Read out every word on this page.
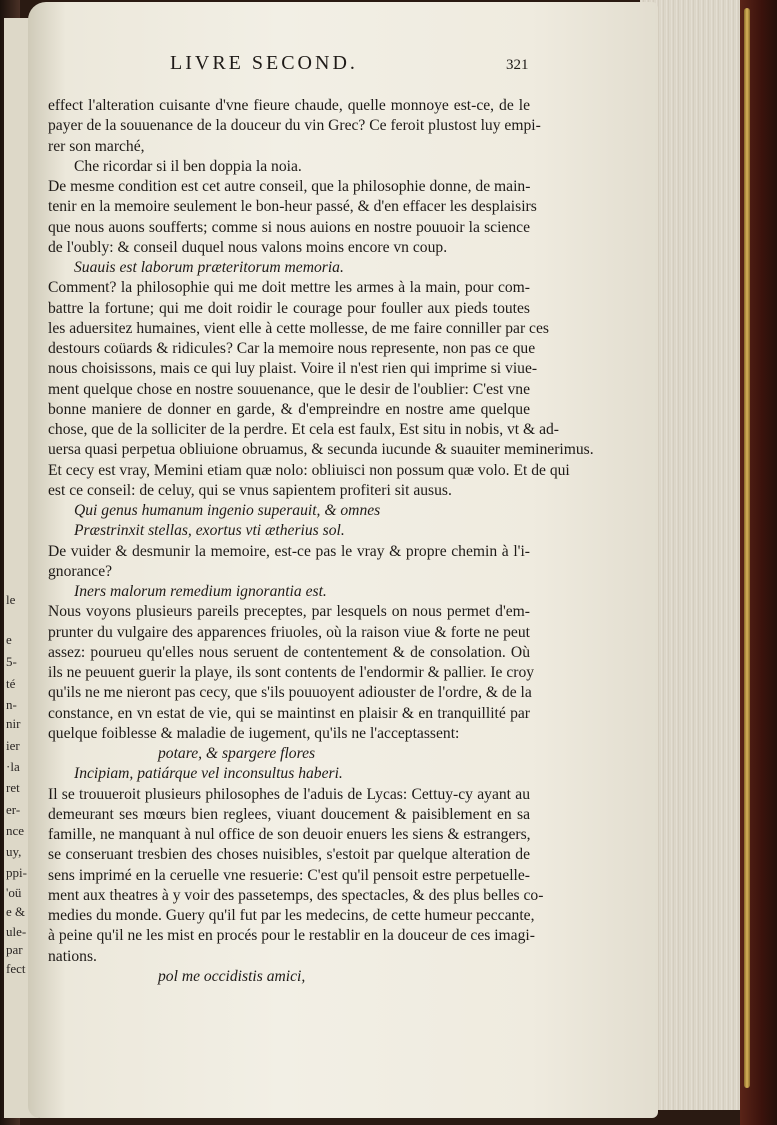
le
e
5-
té
n-
nir
ier
·la
ret
er-
nce
uy,
ppi-
'oü
e &
ule-
par
fect
LIVRE SECOND.	321
effect l'alteration cuisante d'vne fieure chaude, quelle monnoye est-ce, de le
payer de la souuenance de la douceur du vin Grec? Ce feroit plustost luy empi-
rer son marché,
Che ricordar si il ben doppia la noia.
De mesme condition est cet autre conseil, que la philosophie donne, de main-
tenir en la memoire seulement le bon-heur passé, & d'en effacer les desplaisirs
que nous auons soufferts; comme si nous auions en nostre pouuoir la science
de l'oubly: & conseil duquel nous valons moins encore vn coup.
Suauis est laborum præteritorum memoria.
Comment? la philosophie qui me doit mettre les armes à la main, pour com-
battre la fortune; qui me doit roidir le courage pour fouller aux pieds toutes
les aduersitez humaines, vient elle à cette mollesse, de me faire conniller par ces
destours coüards & ridicules? Car la memoire nous represente, non pas ce que
nous choisissons, mais ce qui luy plaist. Voire il n'est rien qui imprime si viue-
ment quelque chose en nostre souuenance, que le desir de l'oublier: C'est vne
bonne maniere de donner en garde, & d'empreindre en nostre ame quelque
chose, que de la solliciter de la perdre. Et cela est faulx, Est situ in nobis, vt & ad-
uersa quasi perpetua obliuione obruamus, & secunda iucunde & suauiter meminerimus.
Et cecy est vray, Memini etiam quæ nolo: obliuisci non possum quæ volo. Et de qui
est ce conseil: de celuy, qui se vnus sapientem profiteri sit ausus.
Qui genus humanum ingenio superauit, & omnes
Præstrinxit stellas, exortus vti ætherius sol.
De vuider & desmunir la memoire, est-ce pas le vray & propre chemin à l'i-
gnorance?
Iners malorum remedium ignorantia est.
Nous voyons plusieurs pareils preceptes, par lesquels on nous permet d'em-
prunter du vulgaire des apparences friuoles, où la raison viue & forte ne peut
assez: pourueu qu'elles nous seruent de contentement & de consolation. Où
ils ne peuuent guerir la playe, ils sont contents de l'endormir & pallier. Ie croy
qu'ils ne me nieront pas cecy, que s'ils pouuoyent adiouster de l'ordre, & de la
constance, en vn estat de vie, qui se maintinst en plaisir & en tranquillité par
quelque foiblesse & maladie de iugement, qu'ils ne l'acceptassent:
potare, & spargere flores
Incipiam, patiárque vel inconsultus haberi.
Il se trouueroit plusieurs philosophes de l'aduis de Lycas: Cettuy-cy ayant au
demeurant ses mœurs bien reglees, viuant doucement & paisiblement en sa
famille, ne manquant à nul office de son deuoir enuers les siens & estrangers,
se conseruant tresbien des choses nuisibles, s'estoit par quelque alteration de
sens imprimé en la ceruelle vne resuerie: C'est qu'il pensoit estre perpetuelle-
ment aux theatres à y voir des passetemps, des spectacles, & des plus belles co-
medies du monde. Guery qu'il fut par les medecins, de cette humeur peccante,
à peine qu'il ne les mist en procés pour le restablir en la douceur de ces imagi-
nations.
pol me occidistis amici,
